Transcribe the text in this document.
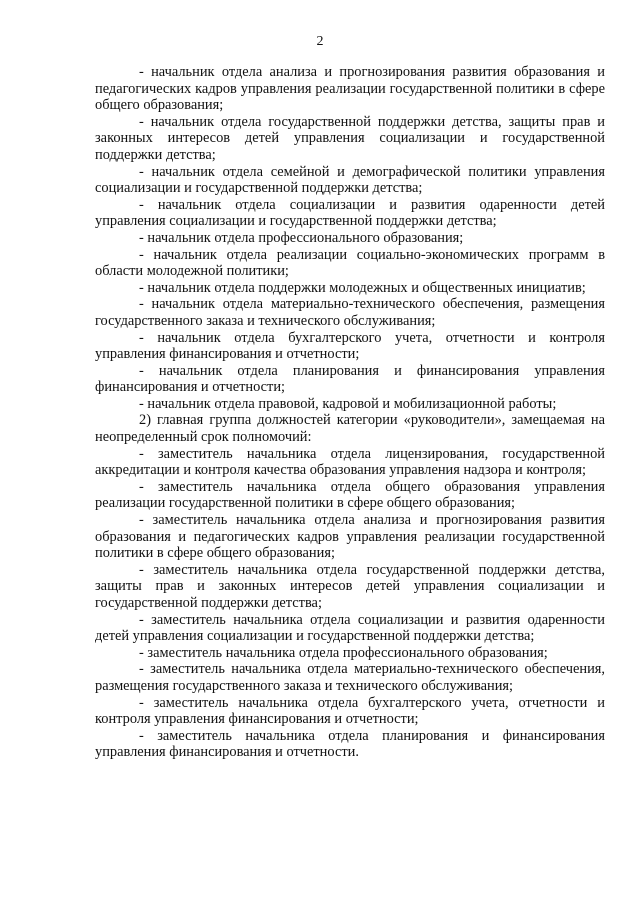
2

- начальник отдела анализа и прогнозирования развития образования и педагогических кадров управления реализации государственной политики в сфере общего образования;

- начальник отдела государственной поддержки детства, защиты прав и законных интересов детей управления социализации и государственной поддержки детства;

- начальник отдела семейной и демографической политики управления социализации и государственной поддержки детства;

- начальник отдела социализации и развития одаренности детей управления социализации и государственной поддержки детства;

- начальник отдела профессионального образования;

- начальник отдела реализации социально-экономических программ в области молодежной политики;

- начальник отдела поддержки молодежных и общественных инициатив;

- начальник отдела материально-технического обеспечения, размещения государственного заказа и технического обслуживания;

- начальник отдела бухгалтерского учета, отчетности и контроля управления финансирования и отчетности;

- начальник отдела планирования и финансирования управления финансирования и отчетности;

- начальник отдела правовой, кадровой и мобилизационной работы;

2) главная группа должностей категории «руководители», замещаемая на неопределенный срок полномочий:

- заместитель начальника отдела лицензирования, государственной аккредитации и контроля качества образования управления надзора и контроля;

- заместитель начальника отдела общего образования управления реализации государственной политики в сфере общего образования;

- заместитель начальника отдела анализа и прогнозирования развития образования и педагогических кадров управления реализации государственной политики в сфере общего образования;

- заместитель начальника отдела государственной поддержки детства, защиты прав и законных интересов детей управления социализации и государственной поддержки детства;

- заместитель начальника отдела социализации и развития одаренности детей управления социализации и государственной поддержки детства;

- заместитель начальника отдела профессионального образования;

- заместитель начальника отдела материально-технического обеспечения, размещения государственного заказа и технического обслуживания;

- заместитель начальника отдела бухгалтерского учета, отчетности и контроля управления финансирования и отчетности;

- заместитель начальника отдела планирования и финансирования управления финансирования и отчетности.
